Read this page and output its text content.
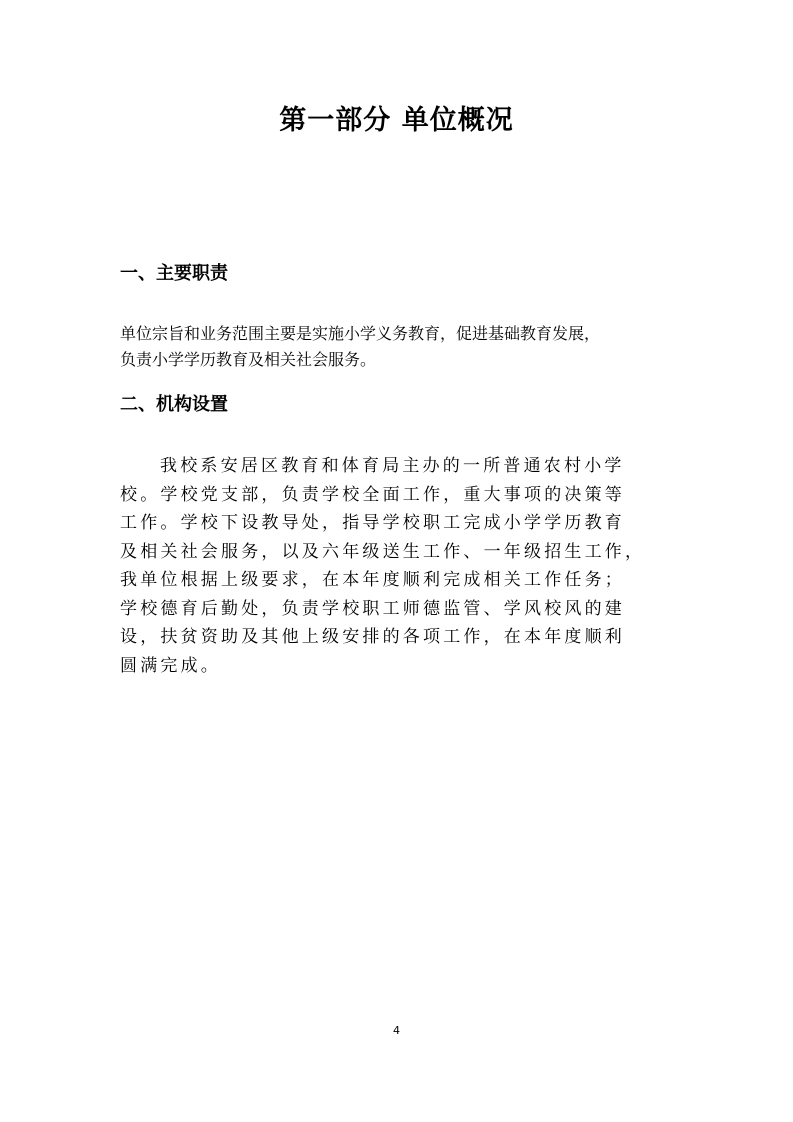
第一部分 单位概况
一、主要职责

单位宗旨和业务范围主要是实施小学义务教育，促进基础教育发展，
负责小学学历教育及相关社会服务。

二、机构设置

我校系安居区教育和体育局主办的一所普通农村小学
校。学校党支部，负责学校全面工作，重大事项的决策等
工作。学校下设教导处，指导学校职工完成小学学历教育
及相关社会服务，以及六年级送生工作、一年级招生工作，
我单位根据上级要求，在本年度顺利完成相关工作任务；
学校德育后勤处，负责学校职工师德监管、学风校风的建
设，扶贫资助及其他上级安排的各项工作，在本年度顺利
圆满完成。

4
